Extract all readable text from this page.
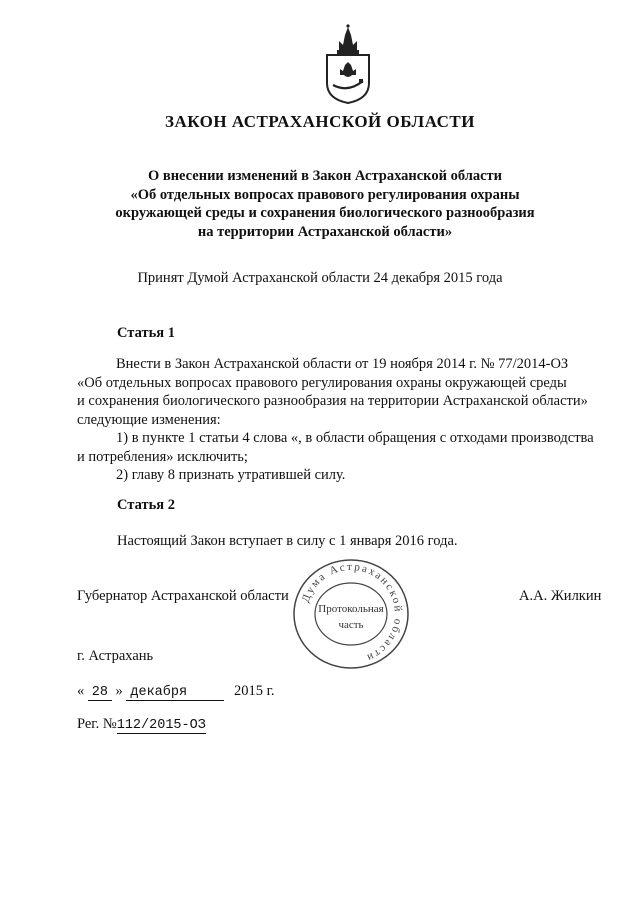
ЗАКОН АСТРАХАНСКОЙ ОБЛАСТИ
О внесении изменений в Закон Астраханской области
«Об отдельных вопросах правового регулирования охраны
окружающей среды и сохранения биологического разнообразия
на территории Астраханской области»
Принят Думой Астраханской области 24 декабря 2015 года
Статья 1
Внести в Закон Астраханской области от 19 ноября 2014 г. № 77/2014-ОЗ
«Об отдельных вопросах правового регулирования охраны окружающей среды
и сохранения биологического разнообразия на территории Астраханской области»
следующие изменения:
1) в пункте 1 статьи 4 слова «, в области обращения с отходами производства
и потребления» исключить;
2) главу 8 признать утратившей силу.
Статья 2
Настоящий Закон вступает в силу с 1 января 2016 года.
Губернатор Астраханской области	А.А. Жилкин
Дума Астраханской области
Протокольная
часть
г. Астрахань
« 28 » декабря	2015 г.
Рег. №112/2015-ОЗ
